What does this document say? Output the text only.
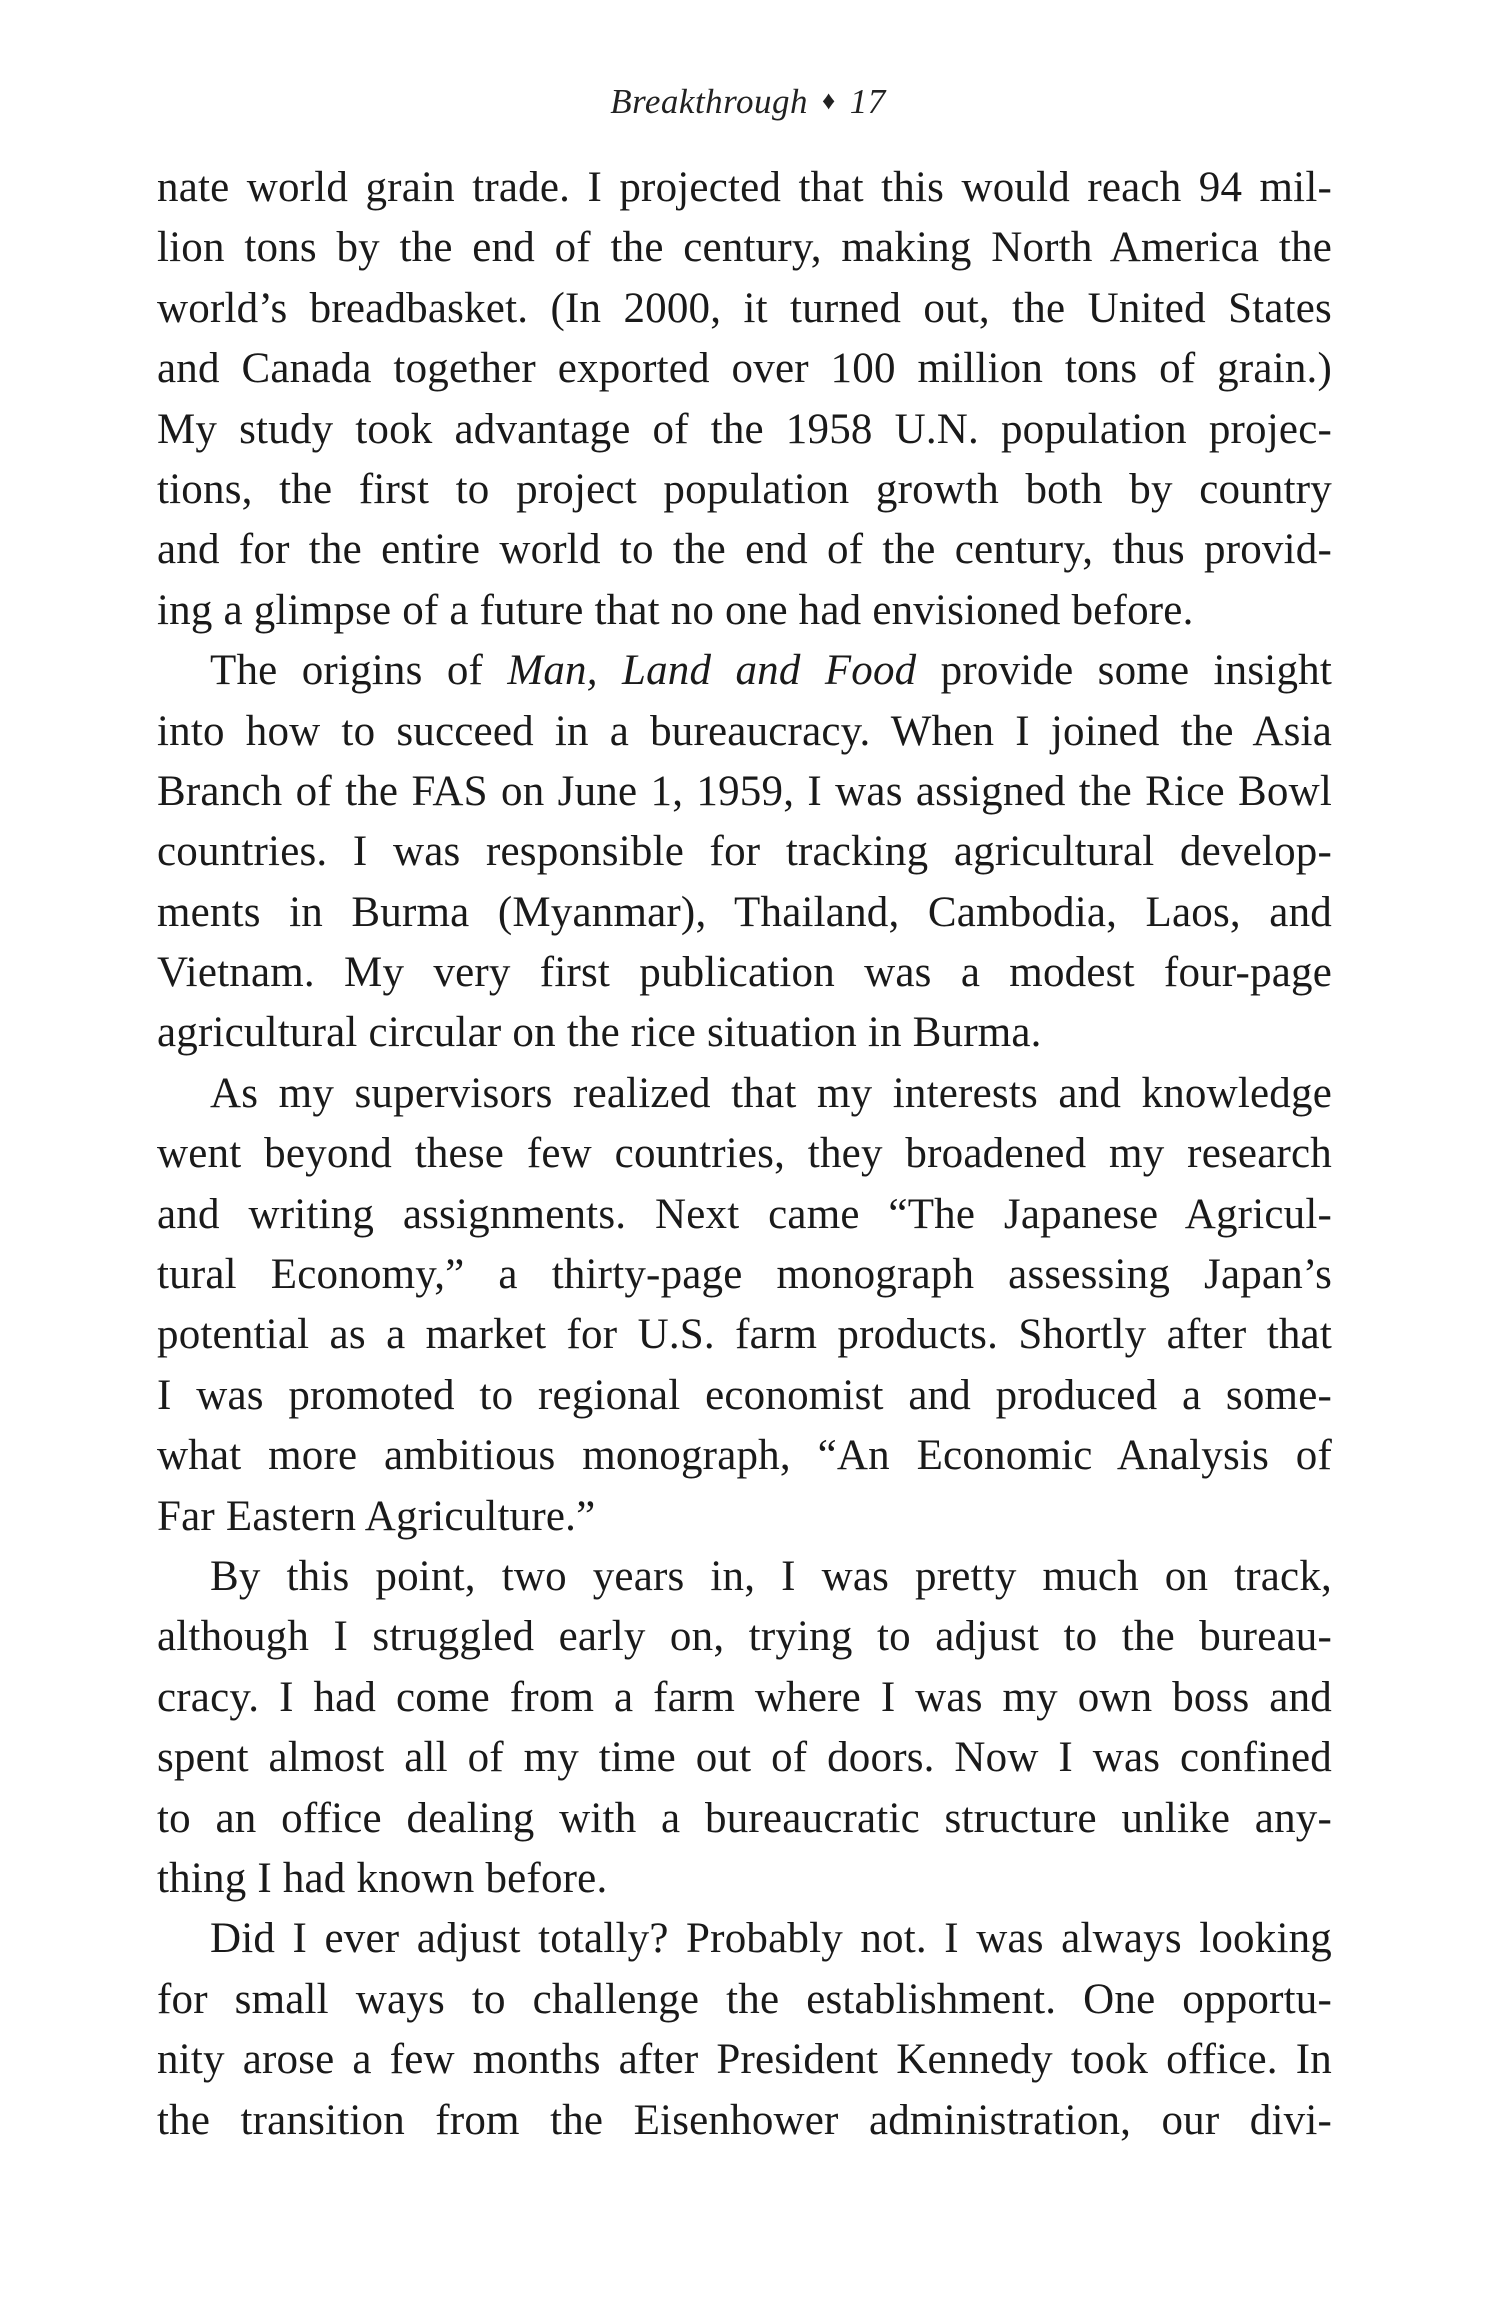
Breakthrough ♦ 17
nate world grain trade. I projected that this would reach 94 mil-
lion tons by the end of the century, making North America the
world’s breadbasket. (In 2000, it turned out, the United States
and Canada together exported over 100 million tons of grain.)
My study took advantage of the 1958 U.N. population projec-
tions, the first to project population growth both by country
and for the entire world to the end of the century, thus provid-
ing a glimpse of a future that no one had envisioned before.
The origins of Man, Land and Food provide some insight
into how to succeed in a bureaucracy. When I joined the Asia
Branch of the FAS on June 1, 1959, I was assigned the Rice Bowl
countries. I was responsible for tracking agricultural develop-
ments in Burma (Myanmar), Thailand, Cambodia, Laos, and
Vietnam. My very first publication was a modest four-page
agricultural circular on the rice situation in Burma.
As my supervisors realized that my interests and knowledge
went beyond these few countries, they broadened my research
and writing assignments. Next came “The Japanese Agricul-
tural Economy,” a thirty-page monograph assessing Japan’s
potential as a market for U.S. farm products. Shortly after that
I was promoted to regional economist and produced a some-
what more ambitious monograph, “An Economic Analysis of
Far Eastern Agriculture.”
By this point, two years in, I was pretty much on track,
although I struggled early on, trying to adjust to the bureau-
cracy. I had come from a farm where I was my own boss and
spent almost all of my time out of doors. Now I was confined
to an office dealing with a bureaucratic structure unlike any-
thing I had known before.
Did I ever adjust totally? Probably not. I was always looking
for small ways to challenge the establishment. One opportu-
nity arose a few months after President Kennedy took office. In
the transition from the Eisenhower administration, our divi-
